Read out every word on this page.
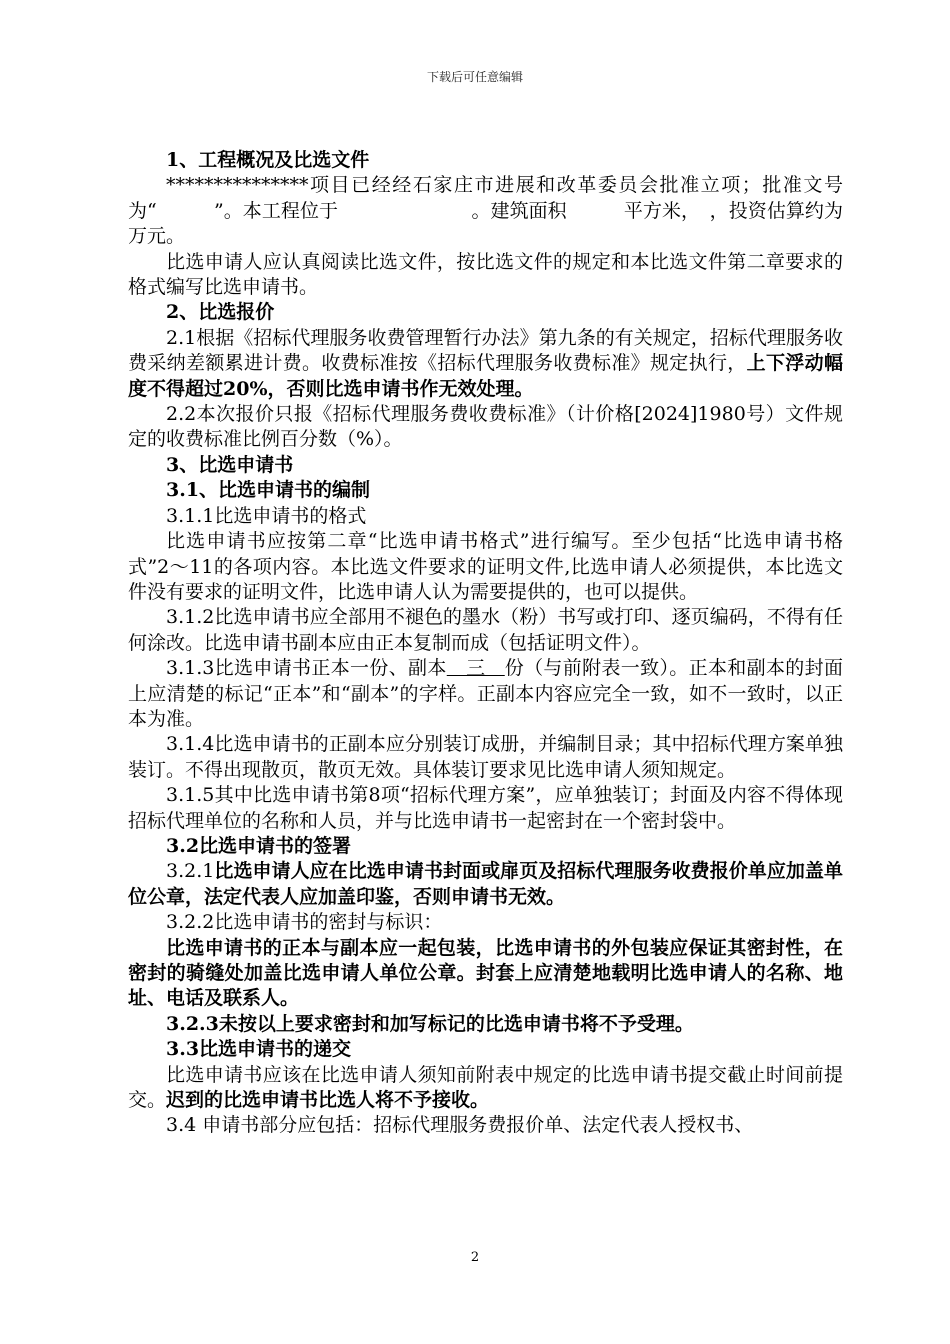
下载后可任意编辑

1、工程概况及比选文件

***************项目已经经石家庄市进展和改革委员会批准立项；批准文号为“　　　”。本工程位于　　　　　　　。建筑面积　　　平方米，　，投资估算约为　　　万元。

比选申请人应认真阅读比选文件，按比选文件的规定和本比选文件第二章要求的格式编写比选申请书。

2、比选报价

2.1根据《招标代理服务收费管理暂行办法》第九条的有关规定，招标代理服务收费采纳差额累进计费。收费标准按《招标代理服务收费标准》规定执行，上下浮动幅度不得超过20%，否则比选申请书作无效处理。

2.2本次报价只报《招标代理服务费收费标准》（计价格[2024]1980号）文件规定的收费标准比例百分数（%）。

3、比选申请书

3.1、比选申请书的编制

3.1.1比选申请书的格式

比选申请书应按第二章“比选申请书格式”进行编写。至少包括“比选申请书格式”2～11的各项内容。本比选文件要求的证明文件,比选申请人必须提供，本比选文件没有要求的证明文件，比选申请人认为需要提供的，也可以提供。

3.1.2比选申请书应全部用不褪色的墨水（粉）书写或打印、逐页编码，不得有任何涂改。比选申请书副本应由正本复制而成（包括证明文件）。

3.1.3比选申请书正本一份、副本　三　份（与前附表一致）。正本和副本的封面上应清楚的标记“正本”和“副本”的字样。正副本内容应完全一致，如不一致时，以正本为准。

3.1.4比选申请书的正副本应分别装订成册，并编制目录；其中招标代理方案单独装订。不得出现散页，散页无效。具体装订要求见比选申请人须知规定。

3.1.5其中比选申请书第8项“招标代理方案”，应单独装订；封面及内容不得体现招标代理单位的名称和人员，并与比选申请书一起密封在一个密封袋中。

3.2比选申请书的签署

3.2.1比选申请人应在比选申请书封面或扉页及招标代理服务收费报价单应加盖单位公章，法定代表人应加盖印鉴，否则申请书无效。

3.2.2比选申请书的密封与标识：

比选申请书的正本与副本应一起包装，比选申请书的外包装应保证其密封性，在密封的骑缝处加盖比选申请人单位公章。封套上应清楚地载明比选申请人的名称、地址、电话及联系人。

3.2.3未按以上要求密封和加写标记的比选申请书将不予受理。

3.3比选申请书的递交

比选申请书应该在比选申请人须知前附表中规定的比选申请书提交截止时间前提交。迟到的比选申请书比选人将不予接收。

3.4 申请书部分应包括：招标代理服务费报价单、法定代表人授权书、

2
